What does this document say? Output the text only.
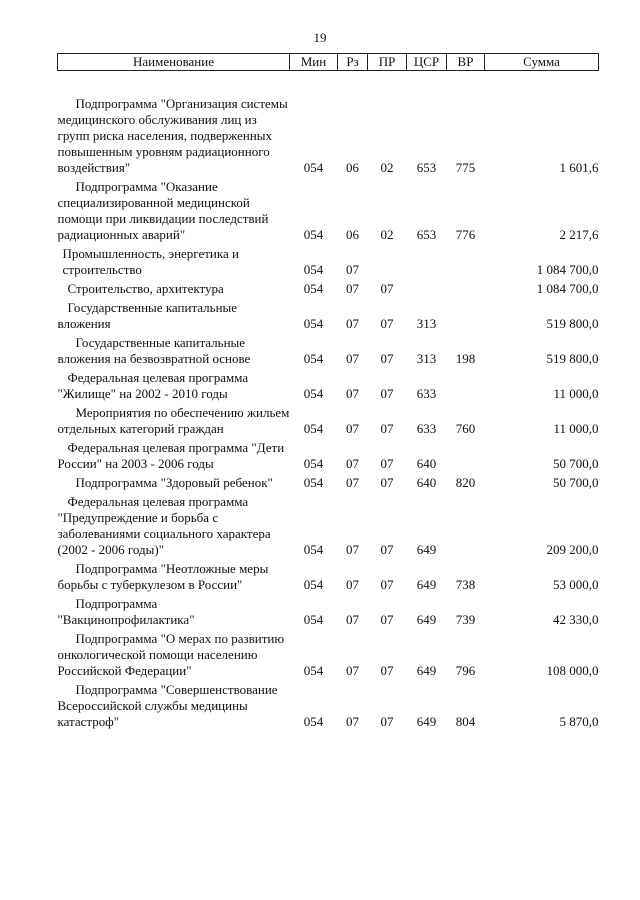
19
Наименование	Мин	Рз	ПР	ЦСР	ВР	Сумма

Подпрограмма "Организация системы медицинского обслуживания лиц из групп риска населения, подверженных повышенным уровням радиационного воздействия"	054	06	02	653	775	1 601,6
Подпрограмма "Оказание специализированной медицинской помощи при ликвидации последствий радиационных аварий"	054	06	02	653	776	2 217,6
Промышленность, энергетика и строительство	054	07				1 084 700,0
Строительство, архитектура	054	07	07			1 084 700,0
Государственные капитальные вложения	054	07	07	313		519 800,0
Государственные капитальные вложения на безвозвратной основе	054	07	07	313	198	519 800,0
Федеральная целевая программа "Жилище" на 2002 - 2010 годы	054	07	07	633		11 000,0
Мероприятия по обеспечению жильем отдельных категорий граждан	054	07	07	633	760	11 000,0
Федеральная целевая программа "Дети России" на 2003 - 2006 годы	054	07	07	640		50 700,0
Подпрограмма "Здоровый ребенок"	054	07	07	640	820	50 700,0
Федеральная целевая программа "Предупреждение и борьба с заболеваниями социального характера (2002 - 2006 годы)"	054	07	07	649		209 200,0
Подпрограмма "Неотложные меры борьбы с туберкулезом в России"	054	07	07	649	738	53 000,0
Подпрограмма "Вакцинопрофилактика"	054	07	07	649	739	42 330,0
Подпрограмма "О мерах по развитию онкологической помощи населению Российской Федерации"	054	07	07	649	796	108 000,0
Подпрограмма "Совершенствование Всероссийской службы медицины катастроф"	054	07	07	649	804	5 870,0
